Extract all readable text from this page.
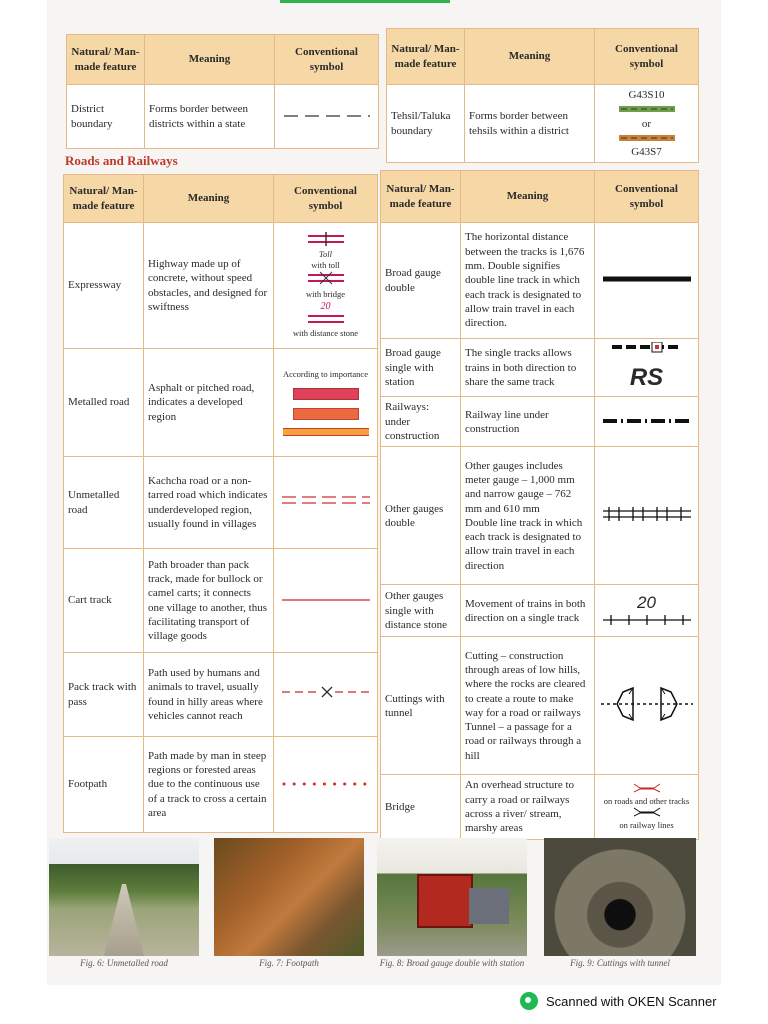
Natural/ Man-made feature	Meaning	Conventional symbol
District boundary	Forms border between districts within a state	
Natural/ Man-made feature	Meaning	Conventional symbol
Tehsil/Taluka boundary	Forms border between tehsils within a district	G43S10
or
G43S7
Roads and Railways
Natural/ Man-made feature	Meaning	Conventional symbol
Expressway	Highway made up of concrete, without speed obstacles, and designed for swiftness	Toll
with toll
with bridge
20
with distance stone

Metalled road	Asphalt or pitched road, indicates a developed region	According to importance

Unmetalled road	Kachcha road or a non-tarred road which indicates underdeveloped region, usually found in villages	
Cart track	Path broader than pack track, made for bullock or camel carts; it connects one village to another, thus facilitating transport of village goods	
Pack track with pass	Path used by humans and animals to travel, usually found in hilly areas where vehicles cannot reach	
Footpath	Path made by man in steep regions or forested areas due to the continuous use of a track to cross a certain area	
Natural/ Man-made feature	Meaning	Conventional symbol
Broad gauge double	The horizontal distance between the tracks is 1,676 mm. Double signifies double line track in which each track is designated to allow train travel in each direction.	
Broad gauge single with station	The single tracks allows trains in both direction to share the same track	RS
Railways: under construction	Railway line under construction	
Other gauges double	Other gauges includes meter gauge – 1,000 mm and narrow gauge – 762 mm and 610 mm
Double line track in which each track is designated to allow train travel in each direction

Other gauges single with distance stone	Movement of trains in both direction on a single track	20

Cuttings with tunnel	Cutting – construction through areas of low hills, where the rocks are cleared to create a route to make way for a road or railways
Tunnel – a passage for a road or railways through a hill

Bridge	An overhead structure to carry a road or railways across a river/ stream, marshy areas	on roads and other tracks
on railway lines
Fig. 6: Unmetalled road	Fig. 7: Footpath	Fig. 8: Broad gauge double with station	Fig. 9: Cuttings with tunnel
Scanned with OKEN Scanner
